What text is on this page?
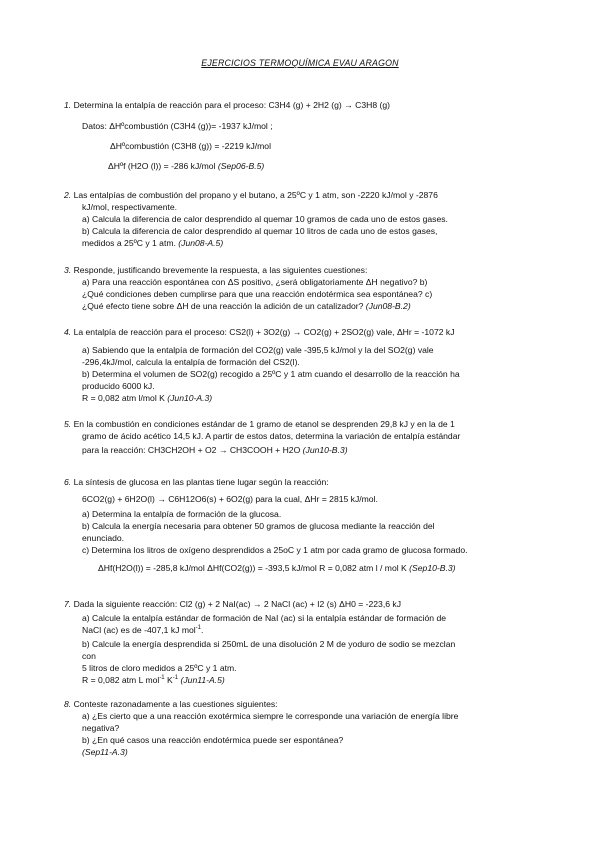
EJERCICIOS TERMOQUÍMICA EVAU ARAGON
1. Determina la entalpía de reacción para el proceso: C3H4 (g) + 2H2 (g) → C3H8 (g)
Datos: ΔHºcombustión (C3H4 (g))= -1937 kJ/mol ;
ΔHºcombustión (C3H8 (g)) = -2219 kJ/mol
ΔHºf (H2O (l)) = -286 kJ/mol (Sep06-B.5)
2. Las entalpías de combustión del propano y el butano, a 25ºC y 1 atm, son -2220 kJ/mol y -2876
kJ/mol, respectivamente.
a) Calcula la diferencia de calor desprendido al quemar 10 gramos de cada uno de estos gases.
b) Calcula la diferencia de calor desprendido al quemar 10 litros de cada uno de estos gases,
medidos a 25ºC y 1 atm. (Jun08-A.5)
3. Responde, justificando brevemente la respuesta, a las siguientes cuestiones:
a) Para una reacción espontánea con ΔS positivo, ¿será obligatoriamente ΔH negativo? b)
¿Qué condiciones deben cumplirse para que una reacción endotérmica sea espontánea? c)
¿Qué efecto tiene sobre ΔH de una reacción la adición de un catalizador? (Jun08-B.2)
4. La entalpía de reacción para el proceso: CS2(l) + 3O2(g) → CO2(g) + 2SO2(g) vale, ΔHr = -1072 kJ
a) Sabiendo que la entalpía de formación del CO2(g) vale -395,5 kJ/mol y la del SO2(g) vale
-296,4kJ/mol, calcula la entalpía de formación del CS2(l).
b) Determina el volumen de SO2(g) recogido a 25ºC y 1 atm cuando el desarrollo de la reacción ha
producido 6000 kJ.
R = 0,082 atm l/mol K (Jun10-A.3)
5. En la combustión en condiciones estándar de 1 gramo de etanol se desprenden 29,8 kJ y en la de 1
gramo de ácido acético 14,5 kJ. A partir de estos datos, determina la variación de entalpía estándar
para la reacción: CH3CH2OH + O2 → CH3COOH + H2O (Jun10-B.3)
6. La síntesis de glucosa en las plantas tiene lugar según la reacción:
6CO2(g) + 6H2O(l) → C6H12O6(s) + 6O2(g) para la cual, ΔHr = 2815 kJ/mol.
a) Determina la entalpía de formación de la glucosa.
b) Calcula la energía necesaria para obtener 50 gramos de glucosa mediante la reacción del
enunciado.
c) Determina los litros de oxígeno desprendidos a 25oC y 1 atm por cada gramo de glucosa formado.
ΔHf(H2O(l)) = -285,8 kJ/mol ΔHf(CO2(g)) = -393,5 kJ/mol R = 0,082 atm l / mol K (Sep10-B.3)
7. Dada la siguiente reacción: Cl2 (g) + 2 NaI(ac) → 2 NaCl (ac) + I2 (s) ΔH0 = -223,6 kJ
a) Calcule la entalpía estándar de formación de NaI (ac) si la entalpía estándar de formación de
NaCl (ac) es de -407,1 kJ mol$^{-1}$.
b) Calcule la energía desprendida si 250mL de una disolución 2 M de yoduro de sodio se mezclan
con
5 litros de cloro medidos a 25ºC y 1 atm.
R = 0,082 atm L mol$^{-1}$ $K^{-1}$ (Jun11-A.5)
8. Conteste razonadamente a las cuestiones siguientes:
a) ¿Es cierto que a una reacción exotérmica siempre le corresponde una variación de energía libre
negativa?
b) ¿En qué casos una reacción endotérmica puede ser espontánea?
(Sep11-A.3)
